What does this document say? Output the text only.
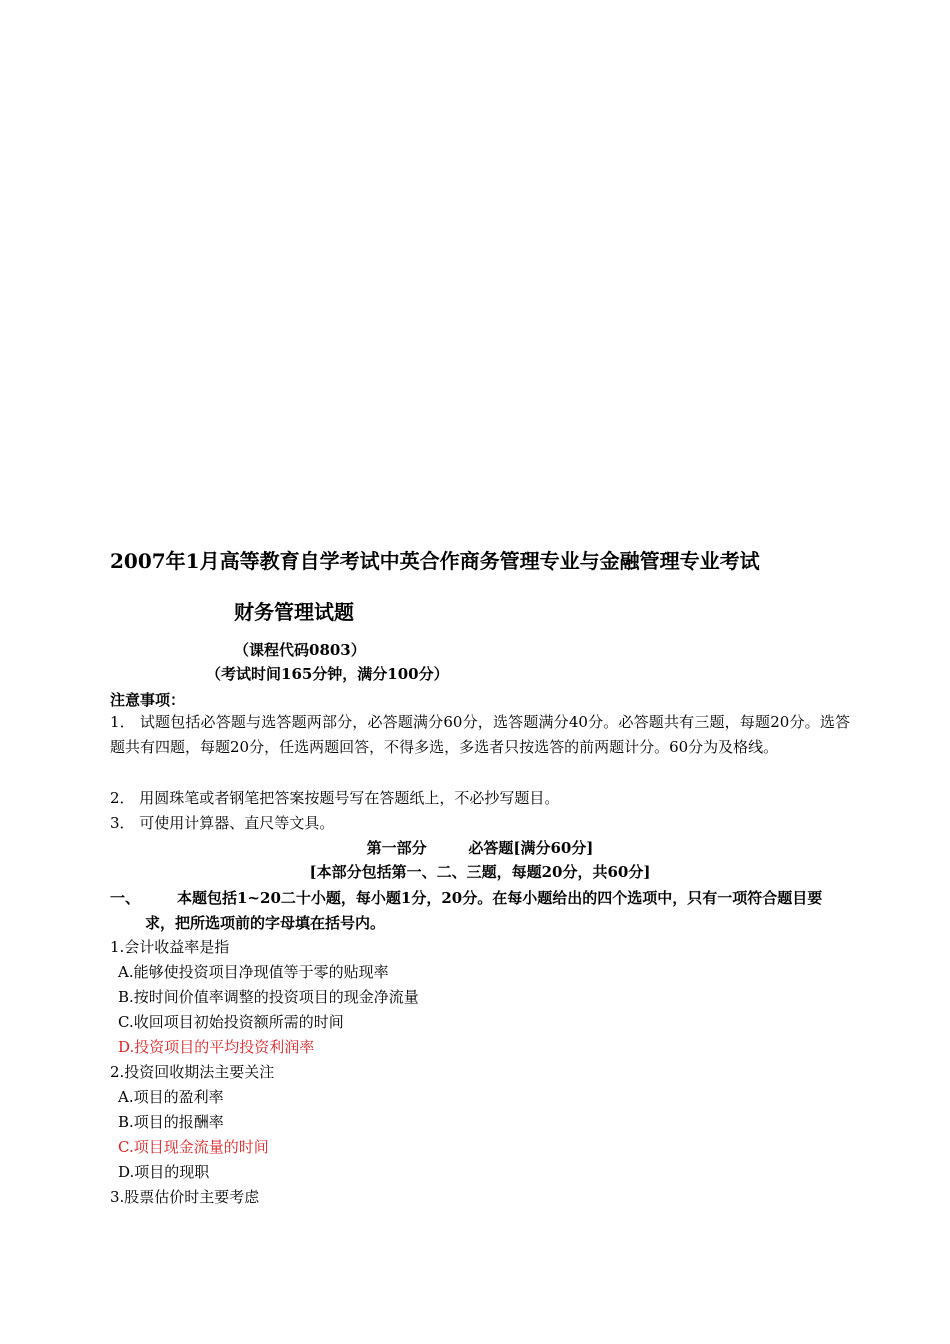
2007年1月高等教育自学考试中英合作商务管理专业与金融管理专业考试
财务管理试题
（课程代码0803）
（考试时间165分钟，满分100分）
注意事项：
1． 试题包括必答题与选答题两部分，必答题满分60分，选答题满分40分。必答题共有三题，每题20分。选答题共有四题，每题20分，任选两题回答，不得多选，多选者只按选答的前两题计分。60分为及格线。
2． 用圆珠笔或者钢笔把答案按题号写在答题纸上，不必抄写题目。
3． 可使用计算器、直尺等文具。
第一部分        必答题[满分60分]
[本部分包括第一、二、三题，每题20分，共60分]
一、	本题包括1~20二十小题，每小题1分，20分。在每小题给出的四个选项中，只有一项符合题目要求，把所选项前的字母填在括号内。
1.会计收益率是指
A.能够使投资项目净现值等于零的贴现率
B.按时间价值率调整的投资项目的现金净流量
C.收回项目初始投资额所需的时间
D.投资项目的平均投资利润率
2.投资回收期法主要关注
A.项目的盈利率
B.项目的报酬率
C.项目现金流量的时间
D.项目的现职
3.股票估价时主要考虑
